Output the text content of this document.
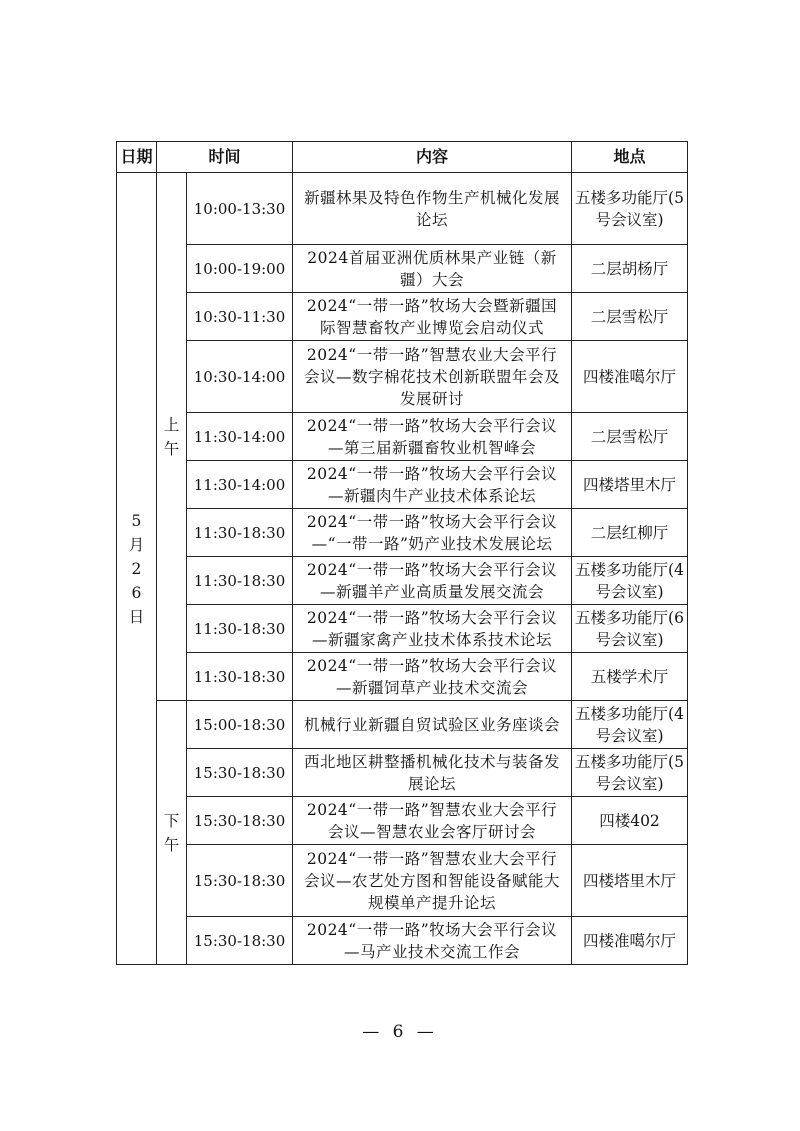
日期	时间		内容	地点
5月26日	上午	10:00-13:30	新疆林果及特色作物生产机械化发展论坛	五楼多功能厅(5号会议室)
		10:00-19:00	2024首届亚洲优质林果产业链（新疆）大会	二层胡杨厅
		10:30-11:30	2024“一带一路”牧场大会暨新疆国际智慧畜牧产业博览会启动仪式	二层雪松厅
		10:30-14:00	2024“一带一路”智慧农业大会平行会议—数字棉花技术创新联盟年会及发展研讨	四楼准噶尔厅
		11:30-14:00	2024“一带一路”牧场大会平行会议—第三届新疆畜牧业机智峰会	二层雪松厅
		11:30-14:00	2024“一带一路”牧场大会平行会议—新疆肉牛产业技术体系论坛	四楼塔里木厅
		11:30-18:30	2024“一带一路”牧场大会平行会议—“一带一路”奶产业技术发展论坛	二层红柳厅
		11:30-18:30	2024“一带一路”牧场大会平行会议—新疆羊产业高质量发展交流会	五楼多功能厅(4号会议室)
		11:30-18:30	2024“一带一路”牧场大会平行会议—新疆家禽产业技术体系技术论坛	五楼多功能厅(6号会议室)
		11:30-18:30	2024“一带一路”牧场大会平行会议—新疆饲草产业技术交流会	五楼学术厅
	下午	15:00-18:30	机械行业新疆自贸试验区业务座谈会	五楼多功能厅(4号会议室)
		15:30-18:30	西北地区耕整播机械化技术与装备发展论坛	五楼多功能厅(5号会议室)
		15:30-18:30	2024“一带一路”智慧农业大会平行会议—智慧农业会客厅研讨会	四楼402
		15:30-18:30	2024“一带一路”智慧农业大会平行会议—农艺处方图和智能设备赋能大规模单产提升论坛	四楼塔里木厅
		15:30-18:30	2024“一带一路”牧场大会平行会议—马产业技术交流工作会	四楼准噶尔厅
— 6 —
